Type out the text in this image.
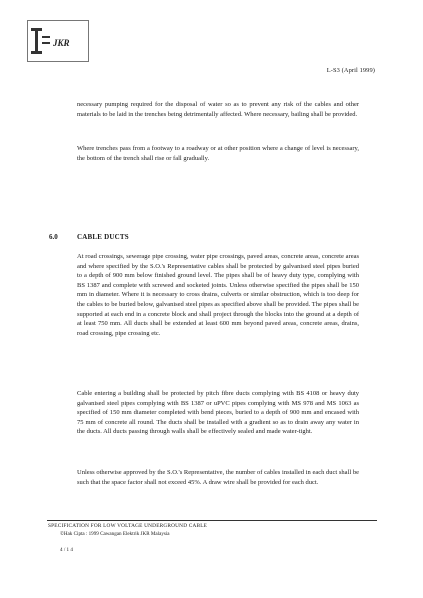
JKR
L-S3 (April 1999)

necessary pumping required for the disposal of water so as to prevent any risk of the cables and other materials to be laid in the trenches being detrimentally affected. Where necessary, bailing shall be provided.

Where trenches pass from a footway to a roadway or at other position where a change of level is necessary, the bottom of the trench shall rise or fall gradually.

6.0	CABLE DUCTS

At road crossings, sewerage pipe crossing, water pipe crossings, paved areas, concrete areas, concrete areas and where specified by the S.O.'s Representative cables shall be protected by galvanised steel pipes buried to a depth of 900 mm below finished ground level. The pipes shall be of heavy duty type, complying with BS 1387 and complete with screwed and socketed joints. Unless otherwise specified the pipes shall be 150 mm in diameter. Where it is necessary to cross drains, culverts or similar obstruction, which is too deep for the cables to be buried below, galvanised steel pipes as specified above shall be provided. The pipes shall be supported at each end in a concrete block and shall project through the blocks into the ground at a depth of at least 750 mm. All ducts shall be extended at least 600 mm beyond paved areas, concrete areas, drains, road crossing, pipe crossing etc.

Cable entering a building shall be protected by pitch fibre ducts complying with BS 4108 or heavy duty galvanised steel pipes complying with BS 1387 or uPVC pipes complying with MS 978 and MS 1063 as specified of 150 mm diameter completed with bend pieces, buried to a depth of 900 mm and encased with 75 mm of concrete all round. The ducts shall be installed with a gradient so as to drain away any water in the ducts. All ducts passing through walls shall be effectively sealed and made water-tight.

Unless otherwise approved by the S.O.'s Representative, the number of cables installed in each duct shall be such that the space factor shall not exceed 45%. A draw wire shall be provided for each duct.

SPECIFICATION FOR LOW VOLTAGE UNDERGROUND CABLE
©Hak Cipta : 1999 Cawangan Elektrik JKR Malaysia
4 / 1 4
